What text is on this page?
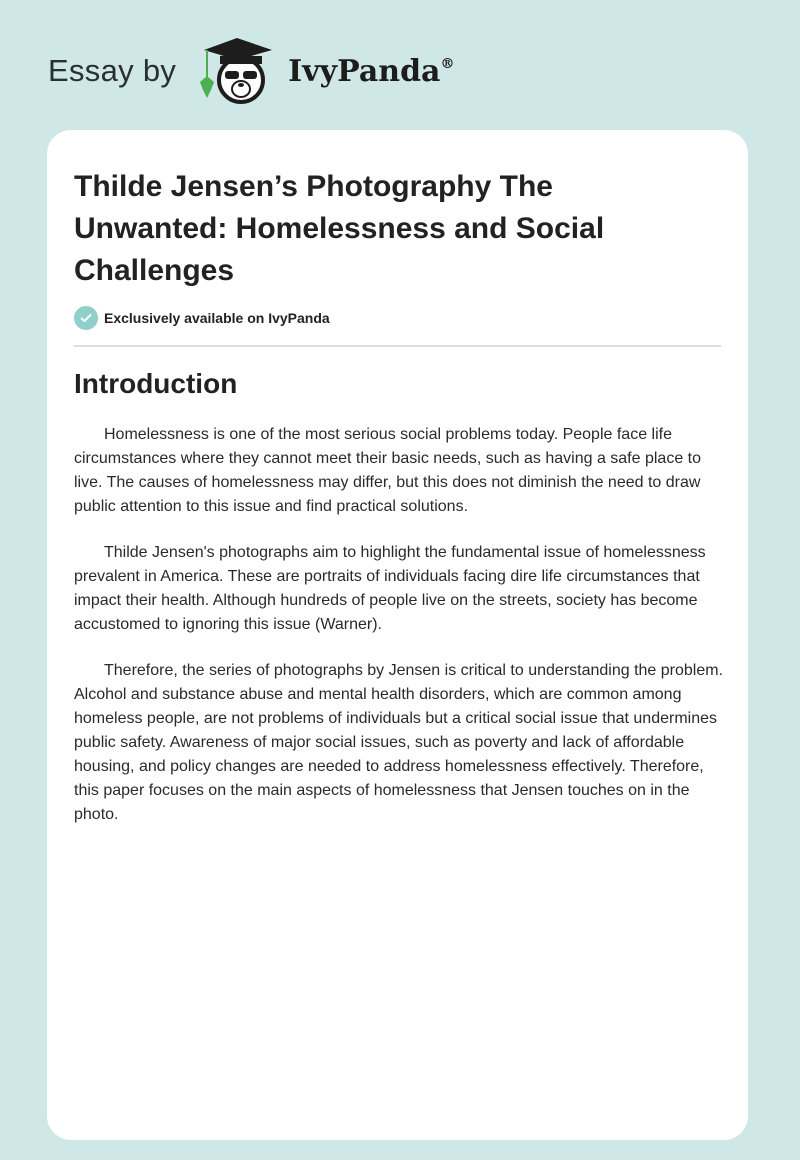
Essay by	IvyPanda®
Thilde Jensen’s Photography The Unwanted: Homelessness and Social Challenges
Exclusively available on IvyPanda
Introduction

Homelessness is one of the most serious social problems today. People face life circumstances where they cannot meet their basic needs, such as having a safe place to live. The causes of homelessness may differ, but this does not diminish the need to draw public attention to this issue and find practical solutions.

Thilde Jensen's photographs aim to highlight the fundamental issue of homelessness prevalent in America. These are portraits of individuals facing dire life circumstances that impact their health. Although hundreds of people live on the streets, society has become accustomed to ignoring this issue (Warner).

Therefore, the series of photographs by Jensen is critical to understanding the problem. Alcohol and substance abuse and mental health disorders, which are common among homeless people, are not problems of individuals but a critical social issue that undermines public safety. Awareness of major social issues, such as poverty and lack of affordable housing, and policy changes are needed to address homelessness effectively. Therefore, this paper focuses on the main aspects of homelessness that Jensen touches on in the photo.
